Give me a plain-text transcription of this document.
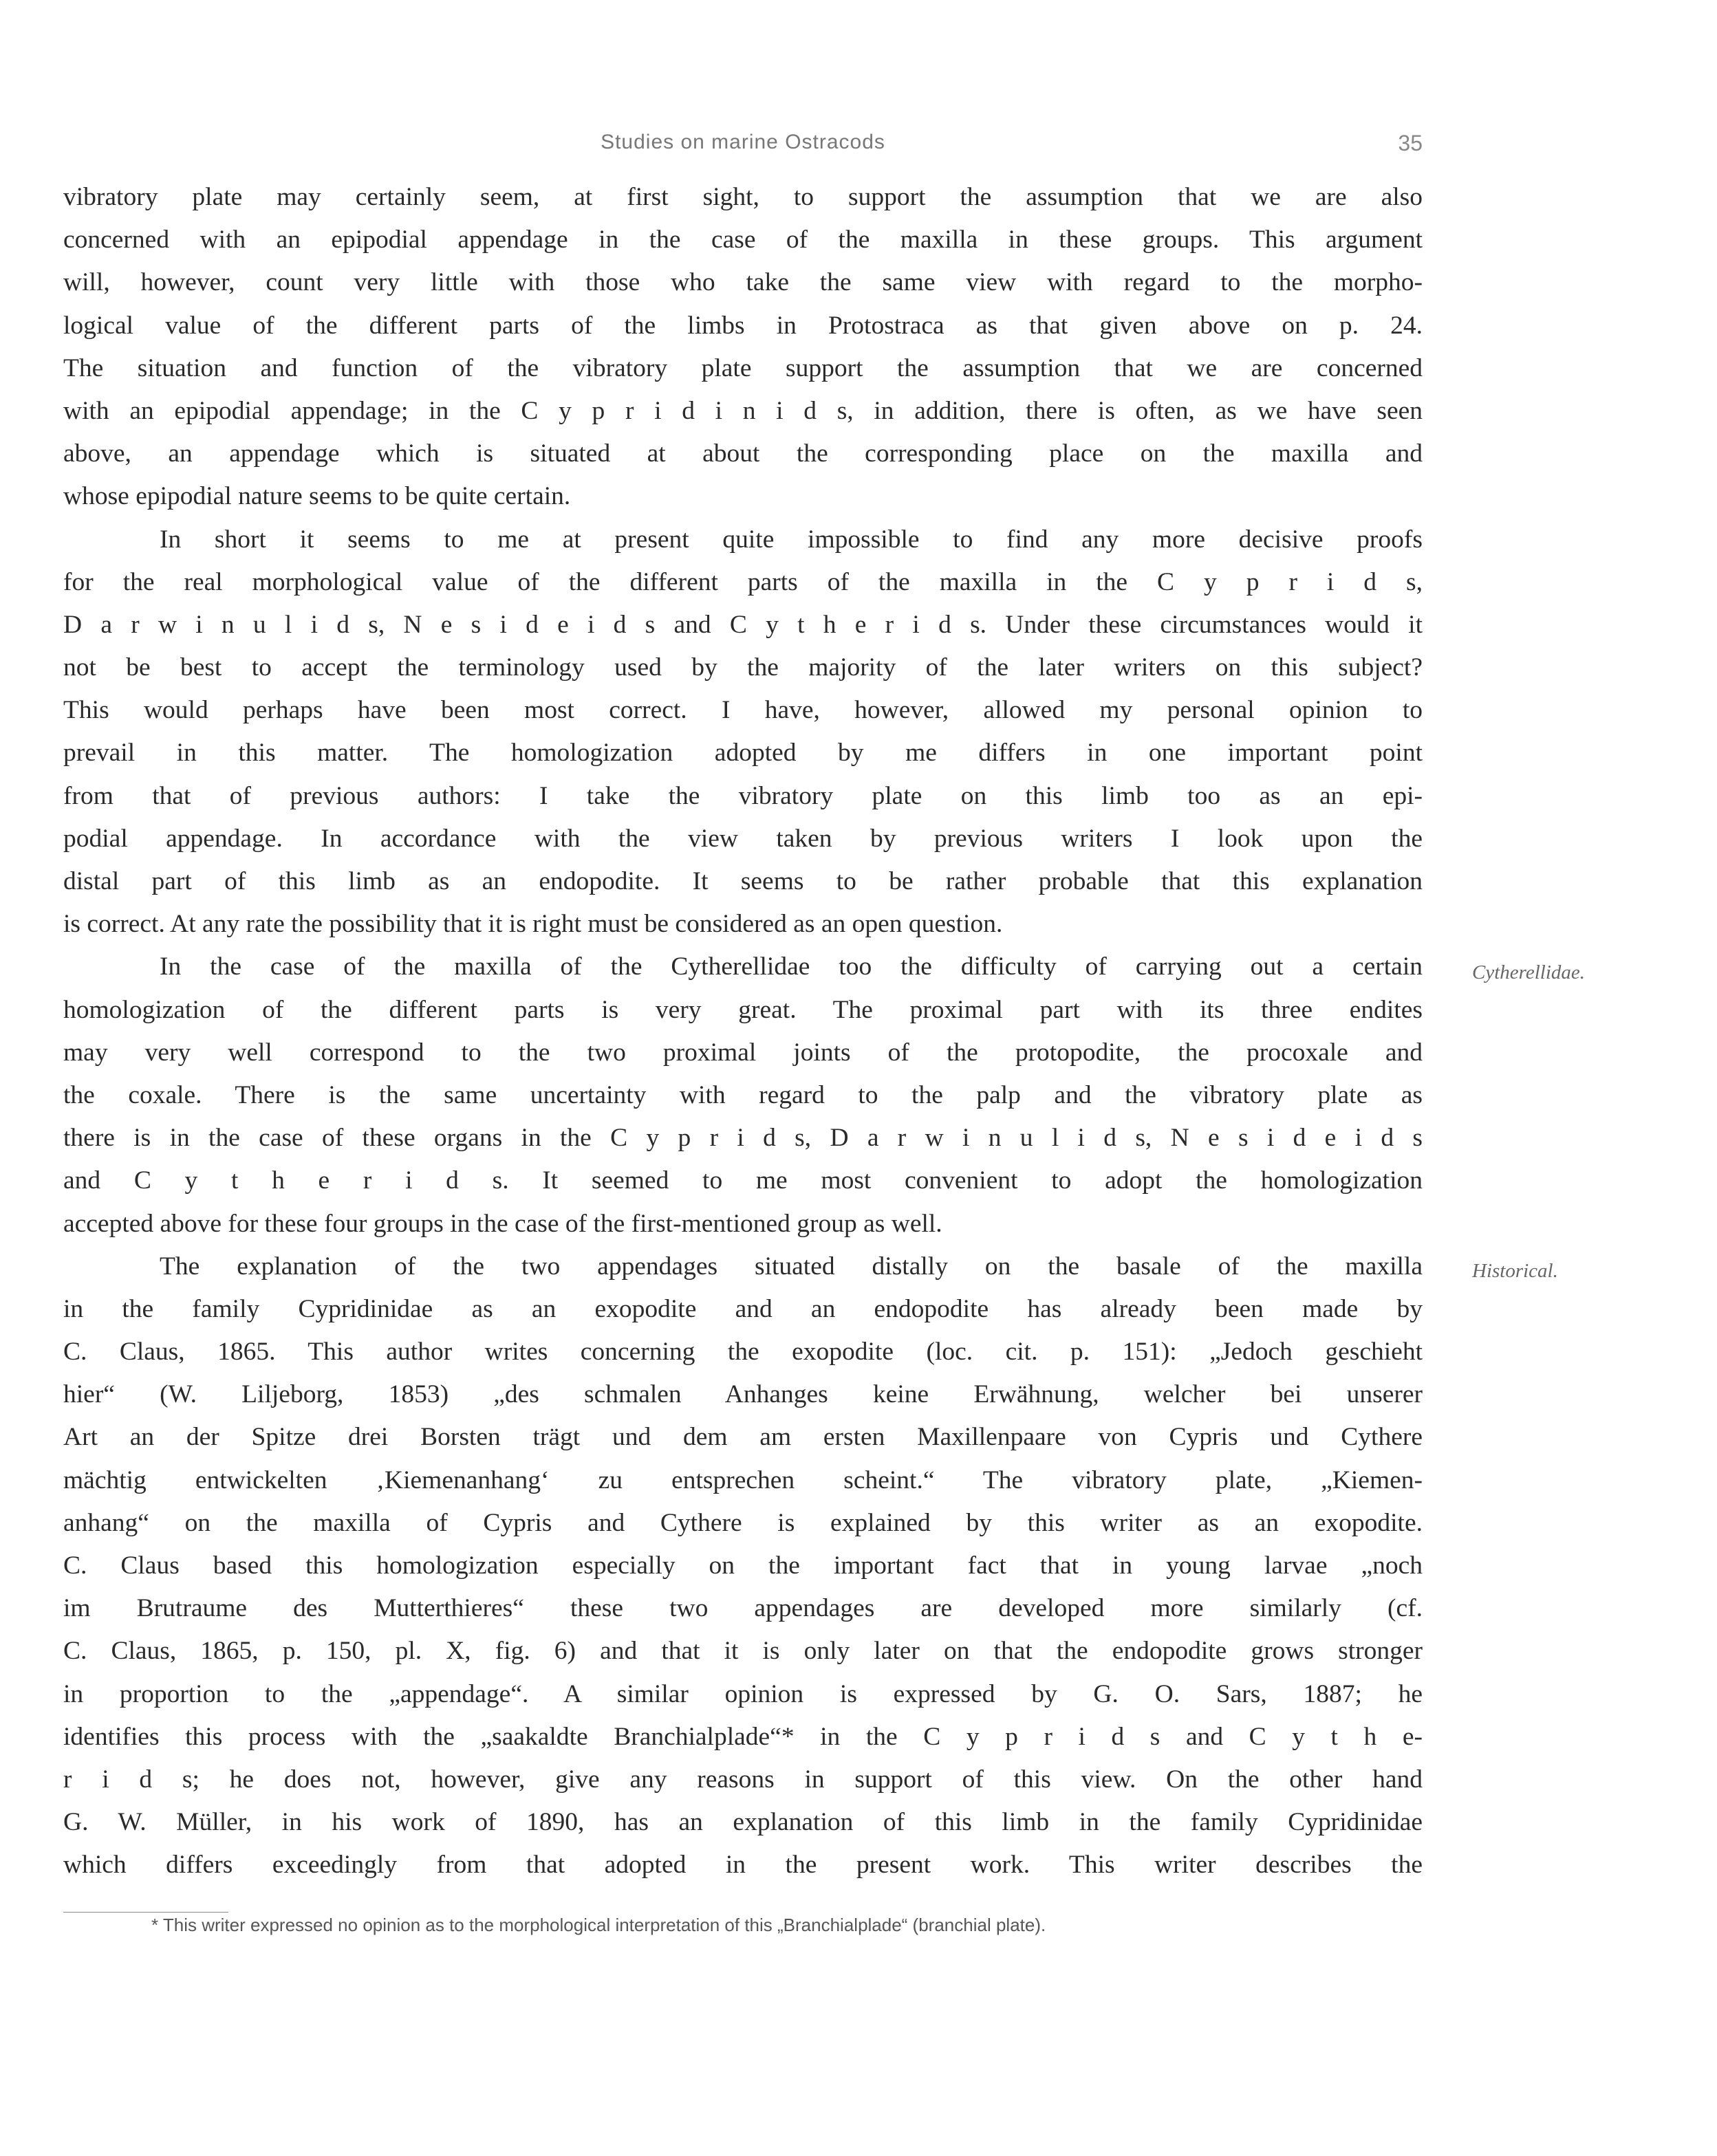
Studies on marine Ostracods	35
vibratory plate may certainly seem, at first sight, to support the assumption that we are also
concerned with an epipodial appendage in the case of the maxilla in these groups. This argument
will, however, count very little with those who take the same view with regard to the morpho-
logical value of the different parts of the limbs in Protostraca as that given above on p. 24.
The situation and function of the vibratory plate support the assumption that we are concerned
with an epipodial appendage; in the C y p r i d i n i d s, in addition, there is often, as we have seen
above, an appendage which is situated at about the corresponding place on the maxilla and
whose epipodial nature seems to be quite certain.
In short it seems to me at present quite impossible to find any more decisive proofs
for the real morphological value of the different parts of the maxilla in the C y p r i d s,
D a r w i n u l i d s, N e s i d e i d s and C y t h e r i d s. Under these circumstances would it
not be best to accept the terminology used by the majority of the later writers on this subject?
This would perhaps have been most correct. I have, however, allowed my personal opinion to
prevail in this matter. The homologization adopted by me differs in one important point
from that of previous authors: I take the vibratory plate on this limb too as an epi-
podial appendage. In accordance with the view taken by previous writers I look upon the
distal part of this limb as an endopodite. It seems to be rather probable that this explanation
is correct. At any rate the possibility that it is right must be considered as an open question.
In the case of the maxilla of the Cytherellidae too the difficulty of carrying out a certain
homologization of the different parts is very great. The proximal part with its three endites
may very well correspond to the two proximal joints of the protopodite, the procoxale and
the coxale. There is the same uncertainty with regard to the palp and the vibratory plate as
there is in the case of these organs in the C y p r i d s, D a r w i n u l i d s, N e s i d e i d s
and C y t h e r i d s. It seemed to me most convenient to adopt the homologization
accepted above for these four groups in the case of the first-mentioned group as well.
The explanation of the two appendages situated distally on the basale of the maxilla
in the family Cypridinidae as an exopodite and an endopodite has already been made by
C. Claus, 1865. This author writes concerning the exopodite (loc. cit. p. 151): „Jedoch geschieht
hier“ (W. Liljeborg, 1853) „des schmalen Anhanges keine Erwähnung, welcher bei unserer
Art an der Spitze drei Borsten trägt und dem am ersten Maxillenpaare von Cypris und Cythere
mächtig entwickelten ‚Kiemenanhang‘ zu entsprechen scheint.“ The vibratory plate, „Kiemen-
anhang“ on the maxilla of Cypris and Cythere is explained by this writer as an exopodite.
C. Claus based this homologization especially on the important fact that in young larvae „noch
im Brutraume des Mutterthieres“ these two appendages are developed more similarly (cf.
C. Claus, 1865, p. 150, pl. X, fig. 6) and that it is only later on that the endopodite grows stronger
in proportion to the „appendage“. A similar opinion is expressed by G. O. Sars, 1887; he
identifies this process with the „saakaldte Branchialplade“* in the C y p r i d s and C y t h e-
r i d s; he does not, however, give any reasons in support of this view. On the other hand
G. W. Müller, in his work of 1890, has an explanation of this limb in the family Cypridinidae
which differs exceedingly from that adopted in the present work. This writer describes the
Cytherellidae.
Historical.
* This writer expressed no opinion as to the morphological interpretation of this „Branchialplade“ (branchial plate).
